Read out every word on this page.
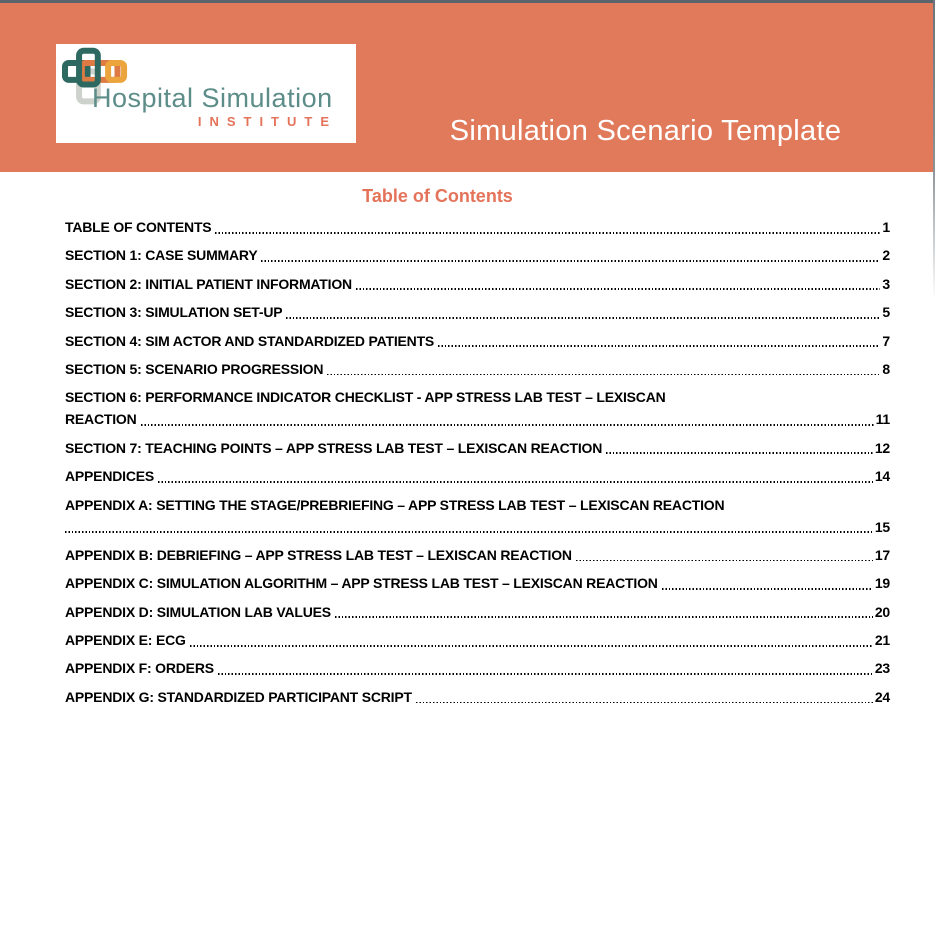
Hospital Simulation
INSTITUTE	Simulation Scenario Template
Table of Contents
TABLE OF CONTENTS	1
SECTION 1: CASE SUMMARY	2
SECTION 2: INITIAL PATIENT INFORMATION	3
SECTION 3: SIMULATION SET-UP	5
SECTION 4: SIM ACTOR AND STANDARDIZED PATIENTS	7
SECTION 5: SCENARIO PROGRESSION	8
SECTION 6: PERFORMANCE INDICATOR CHECKLIST - APP STRESS LAB TEST – LEXISCAN
REACTION	11
SECTION 7: TEACHING POINTS – APP STRESS LAB TEST – LEXISCAN REACTION	12
APPENDICES	14
APPENDIX A: SETTING THE STAGE/PREBRIEFING – APP STRESS LAB TEST – LEXISCAN REACTION
15
APPENDIX B: DEBRIEFING – APP STRESS LAB TEST – LEXISCAN REACTION	17
APPENDIX C: SIMULATION ALGORITHM – APP STRESS LAB TEST – LEXISCAN REACTION	19
APPENDIX D: SIMULATION LAB VALUES	20
APPENDIX E: ECG	21
APPENDIX F: ORDERS	23
APPENDIX G: STANDARDIZED PARTICIPANT SCRIPT	24
